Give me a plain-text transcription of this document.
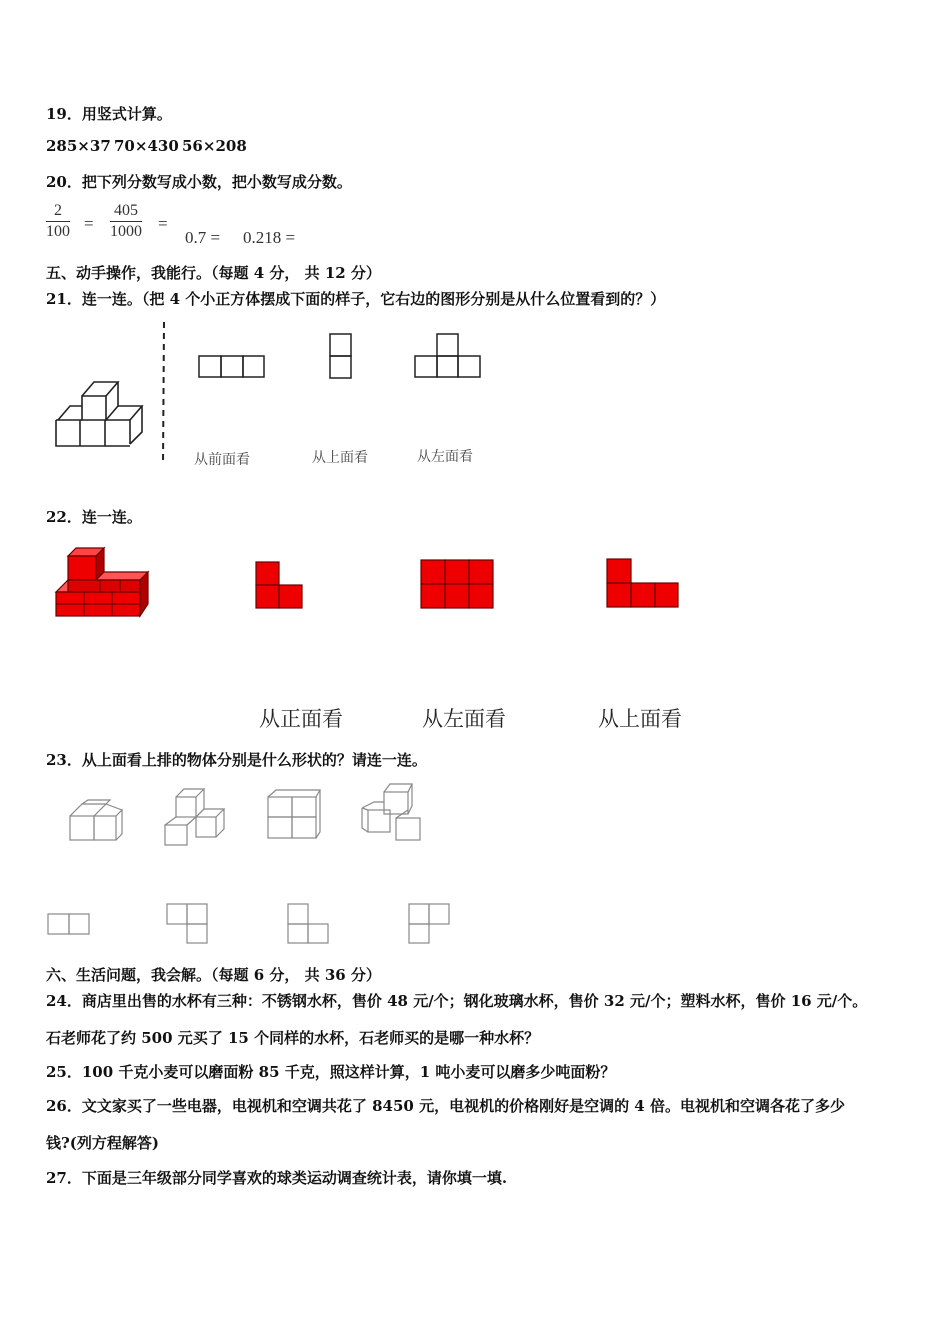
19．用竖式计算。
285×37 70×430 56×208
20．把下列分数写成小数，把小数写成分数。
$\frac{2}{100} = \frac{405}{1000}$ =
0.7 = 0.218 =
五、动手操作，我能行。（每题 4 分， 共 12 分）
21．连一连。（把 4 个小正方体摆成下面的样子，它右边的图形分别是从什么位置看到的？）
从前面看	从上面看	从左面看
22．连一连。
从正面看	从左面看	从上面看
23．从上面看上排的物体分别是什么形状的？请连一连。
六、生活问题，我会解。（每题 6 分， 共 36 分）
24．商店里出售的水杯有三种：不锈钢水杯，售价 48 元/个；钢化玻璃水杯，售价 32 元/个；塑料水杯，售价 16 元/个。
石老师花了约 500 元买了 15 个同样的水杯，石老师买的是哪一种水杯？
25．100 千克小麦可以磨面粉 85 千克，照这样计算，1 吨小麦可以磨多少吨面粉？
26．文文家买了一些电器，电视机和空调共花了 8450 元，电视机的价格刚好是空调的 4 倍。电视机和空调各花了多少
钱?(列方程解答)
27．下面是三年级部分同学喜欢的球类运动调查统计表，请你填一填.
